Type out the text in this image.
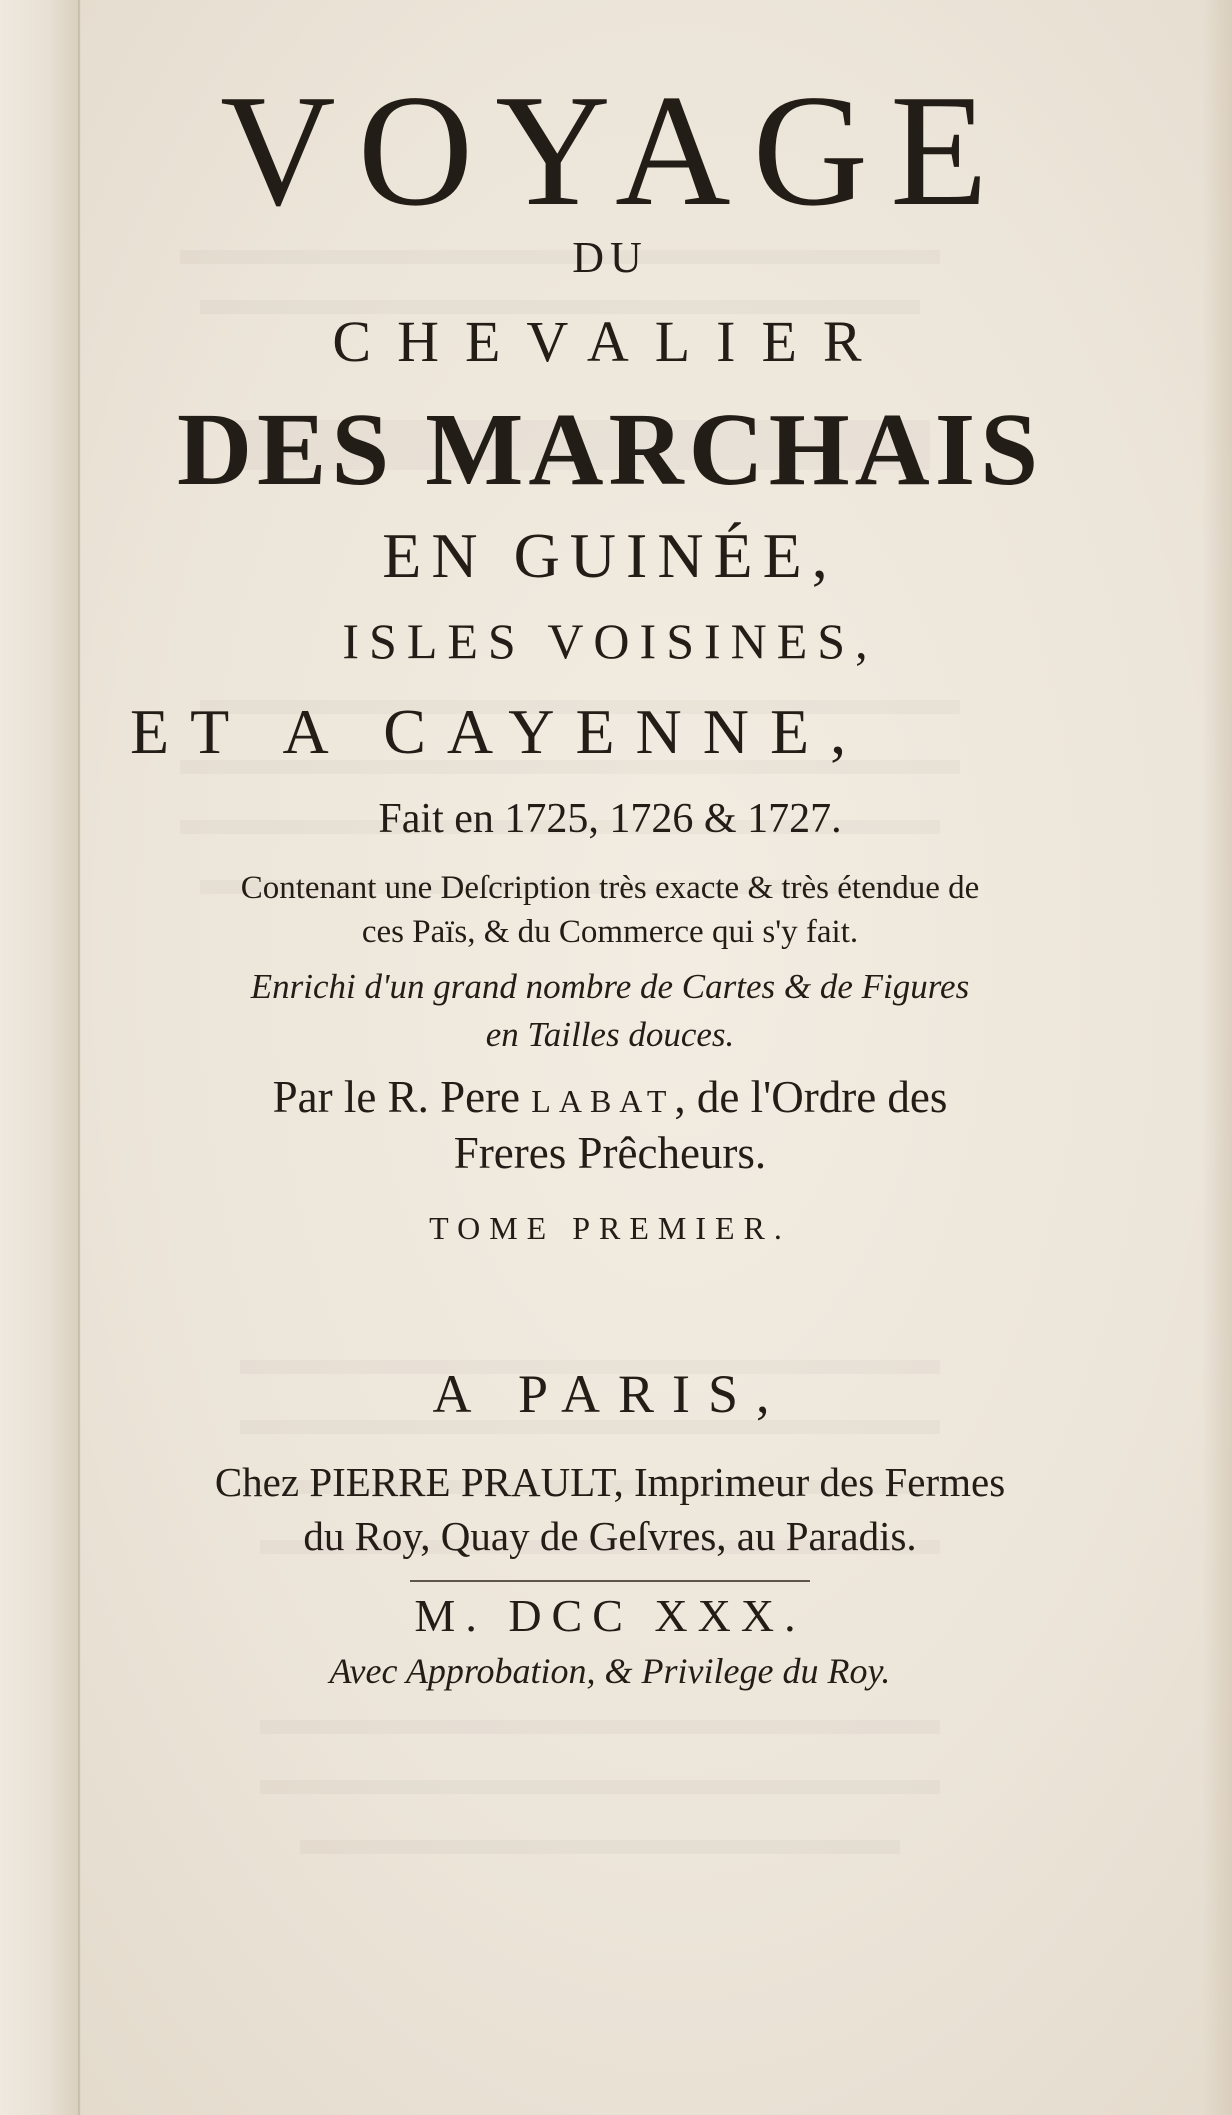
VOYAGE
DU
CHEVALIER
DES MARCHAIS
EN GUINÉE,
ISLES VOISINES,
ET A CAYENNE,
Fait en 1725, 1726 & 1727.
Contenant une Deſcription très exacte & très étendue de
ces Païs, & du Commerce qui s'y fait.
Enrichi d'un grand nombre de Cartes & de Figures
en Tailles douces.
Par le R. Pere LABAT, de l'Ordre des
Freres Prêcheurs.
TOME PREMIER.
A PARIS,
Chez PIERRE PRAULT, Imprimeur des Fermes
du Roy, Quay de Geſvres, au Paradis.
M. DCC XXX.
Avec Approbation, & Privilege du Roy.
